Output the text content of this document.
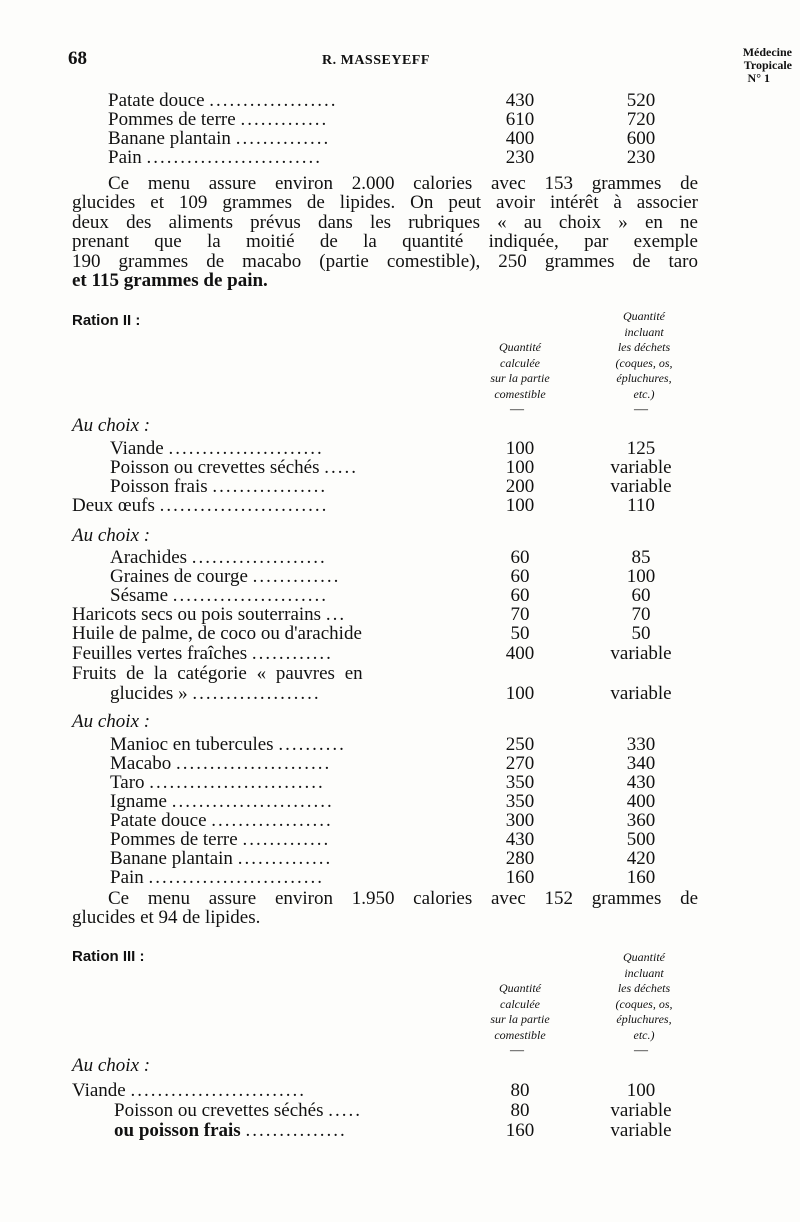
68	R. MASSEYEFF
Médecine
Tropicale
N° 1
Patate douce ...................	430	520
Pommes de terre .............	610	720
Banane plantain ..............	400	600
Pain ..........................	230	230
Ce menu assure environ 2.000 calories avec 153 grammes de
glucides et 109 grammes de lipides. On peut avoir intérêt à associer
deux des aliments prévus dans les rubriques « au choix » en ne
prenant que la moitié de la quantité indiquée, par exemple
190 grammes de macabo (partie comestible), 250 grammes de taro
et 115 grammes de pain.
Ration II :
Quantité
calculée
sur la partie
comestible
Quantité
incluant
les déchets
(coques, os,
épluchures,
etc.)
—	—
Au choix :
Viande .......................	100	125
Poisson ou crevettes séchés .....	100	variable
Poisson frais .................	200	variable
Deux œufs .........................	100	110
Au choix :
Arachides ....................	60	85
Graines de courge .............	60	100
Sésame .......................	60	60
Haricots secs ou pois souterrains ...	70	70
Huile de palme, de coco ou d'arachide	50	50
Feuilles vertes fraîches ............	400	variable
Fruits de la catégorie « pauvres en
glucides » ...................	100	variable
Au choix :
Manioc en tubercules ..........	250	330
Macabo .......................	270	340
Taro ..........................	350	430
Igname ........................	350	400
Patate douce ..................	300	360
Pommes de terre .............	430	500
Banane plantain ..............	280	420
Pain ..........................	160	160
Ce menu assure environ 1.950 calories avec 152 grammes de
glucides et 94 de lipides.
Ration III :
Quantité
calculée
sur la partie
comestible
Quantité
incluant
les déchets
(coques, os,
épluchures,
etc.)
—	—
Au choix :
Viande ..........................	80	100
Poisson ou crevettes séchés .....	80	variable
ou poisson frais ...............	160	variable
